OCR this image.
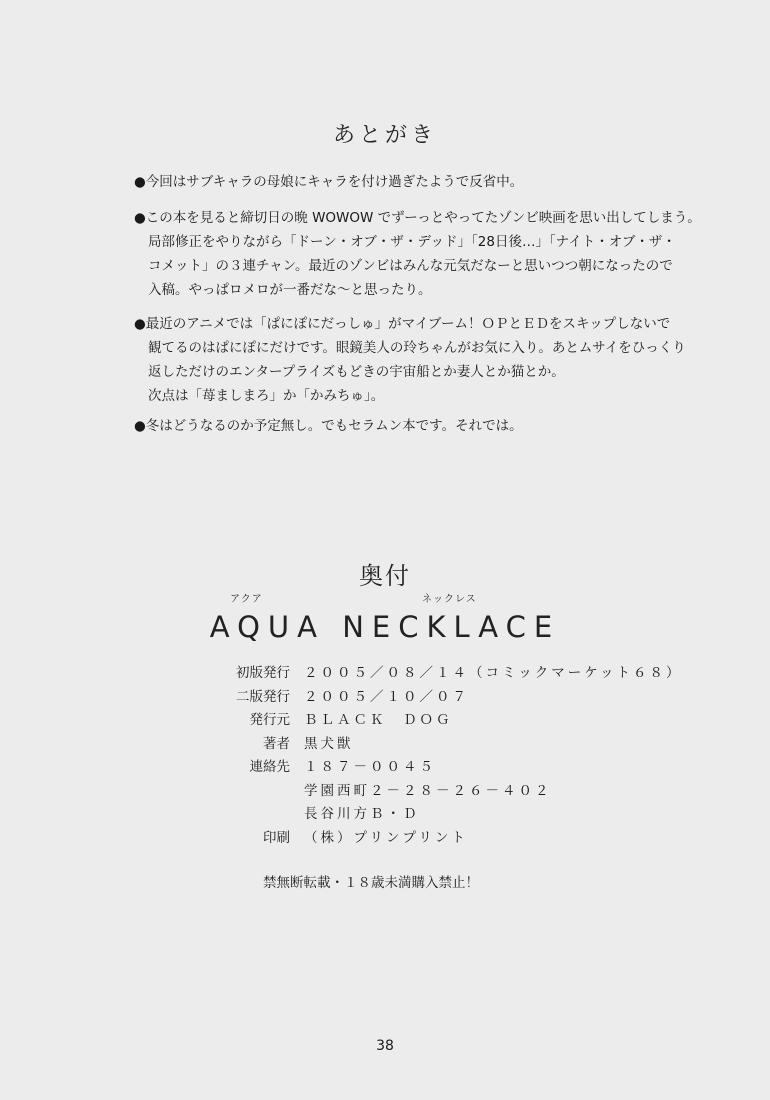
あとがき
●今回はサブキャラの母娘にキャラを付け過ぎたようで反省中。
●この本を見ると締切日の晩 WOWOW でずーっとやってたゾンビ映画を思い出してしまう。
局部修正をやりながら「ドーン・オブ・ザ・デッド」「28日後…」「ナイト・オブ・ザ・
コメット」の３連チャン。最近のゾンビはみんな元気だなーと思いつつ朝になったので
入稿。やっぱロメロが一番だな～と思ったり。
●最近のアニメでは「ぱにぽにだっしゅ」がマイブーム！ＯＰとＥＤをスキップしないで
観てるのはぱにぽにだけです。眼鏡美人の玲ちゃんがお気に入り。あとムサイをひっくり
返しただけのエンタープライズもどきの宇宙船とか妻人とか猫とか。
次点は「苺ましまろ」か「かみちゅ」。
●冬はどうなるのか予定無し。でもセラムン本です。それでは。
奥付
アクア	ネックレス
AQUA NECKLACE
初版発行	２００５／０８／１４（コミックマーケット６８）
二版発行	２００５／１０／０７
発行元	ＢＬＡＣＫ　ＤＯＧ
著者	黒犬獣
連絡先	１８７－００４５
学園西町２－２８－２６－４０２
長谷川方Ｂ・Ｄ
印刷	（株）プリンプリント
禁無断転載・１８歳未満購入禁止！
38
